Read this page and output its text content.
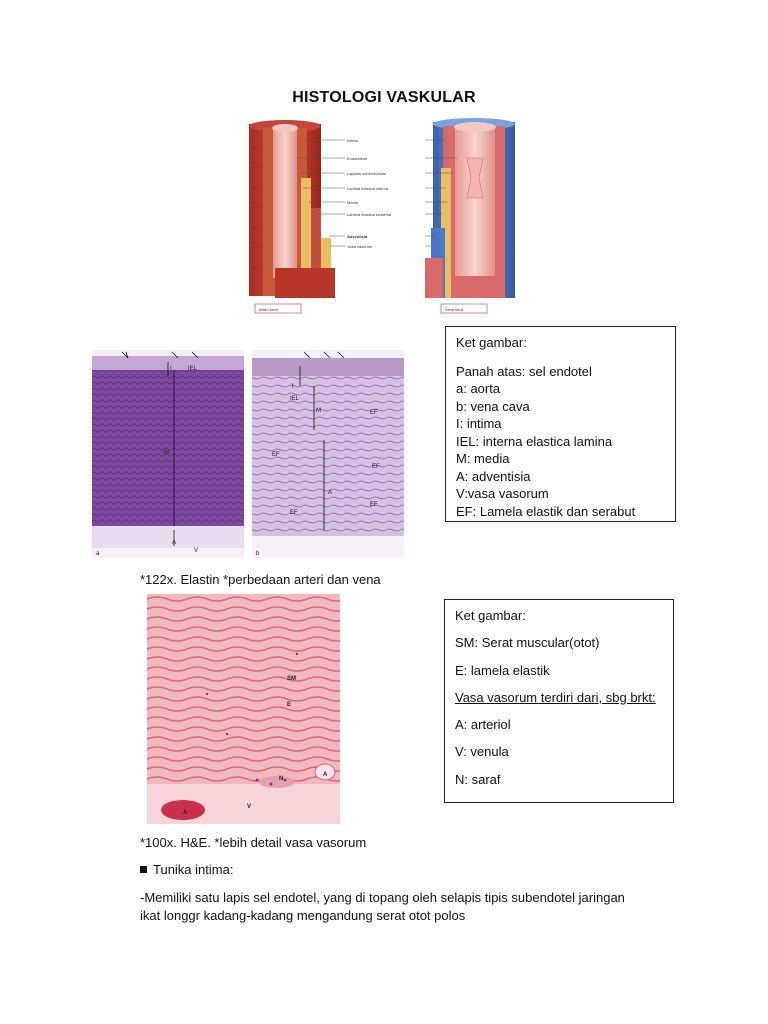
HISTOLOGI VASKULAR
Intima
Endotelium
Lapisan subendotelial
Lamina elastica interna
Media
Lamina elastica eksterna
Adventisia
Vasa vasorum
Arteri kecil	Vena kecil
I	IEL
M
A
V
a
IEL
I
M	EF
EF
EF
A
EF
EF
b
Ket gambar:
Panah atas: sel endotel
a: aorta
b: vena cava
I: intima
IEL: interna elastica lamina
M: media
A: adventisia
V:vasa vasorum
EF: Lamela elastik dan serabut
*122x. Elastin *perbedaan arteri dan vena
SM
E
N
A
A
V
Ket gambar:
SM: Serat muscular(otot)
E: lamela elastik
Vasa vasorum terdiri dari, sbg brkt:
A: arteriol
V: venula
N: saraf
*100x. H&E. *lebih detail vasa vasorum
Tunika intima:
-Memiliki satu lapis sel endotel, yang di topang oleh selapis tipis subendotel jaringan ikat longgr kadang-kadang mengandung serat otot polos
